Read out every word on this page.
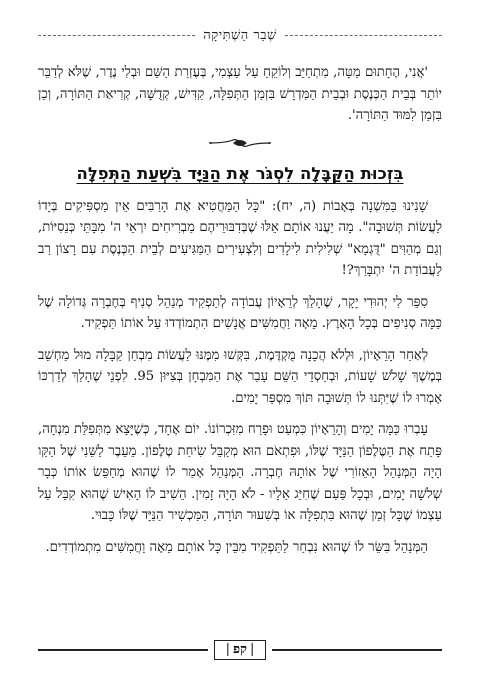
שְׁבַר הַשְׁתִּיקָה

'אֲנִי, הֶחָתוּם מַטָּה, מִתְחַיֵּב וְלוֹקֵחַ עַל עַצְמִי, בְּעֶזְרַת הַשֵּׁם וּבְלִי נֶדֶר, שֶׁלֹּא לְדַבֵּר יוֹתֵר בְּבֵית הַכְּנֶסֶת וּבְבֵית הַמִּדְרָשׁ בִּזְמַן הַתְּפִלָּה, קַדִּישׁ, קְדֻשָּׁה, קְרִיאַת הַתּוֹרָה, וְכֵן בִּזְמַן לִמּוּד הַתּוֹרָה'.

בִּזְכוּת הַקַּבָּלָה לִסְגֹּר אֶת הַנַּיָּד בִּשְׁעַת הַתְּפִלָּה

שָׁנִינוּ בַּמִּשְׁנָה בְּאָבוֹת (ה, יח): "כָּל הַמַּחֲטִיא אֶת הָרַבִּים אֵין מַסְפִּיקִים בְּיָדוֹ לַעֲשׂוֹת תְּשׁוּבָה". מָה יַעֲנוּ אוֹתָם אֵלּוּ שֶׁבְּדִבּוּרֵיהֶם מַבְרִיחִים יִרְאֵי ה' מִבָּתֵּי כְּנֵסִיּוֹת, וְגַם מְהַוִּים "דֻּגְמָא" שְׁלִילִית לִילָדִים וְלִצְעִירִים הַמַּגִּיעִים לְבֵית הַכְּנֶסֶת עִם רָצוֹן רַב לַעֲבוֹדַת ה' יִתְבָּרַךְ?!

סִפֵּר לִי יְהוּדִי יָקָר, שֶׁהָלַךְ לְרֵאָיוֹן עֲבוֹדָה לְתַפְקִיד מְנַהֵל סְנִיף בְּחֶבְרָה גְּדוֹלָה שֶׁל כַּמָּה סְנִיפִים בְּכָל הָאָרֶץ. מֵאָה וַחֲמִשִּׁים אֲנָשִׁים הִתְמוֹדְדוּ עַל אוֹתוֹ תַּפְקִיד.

לְאַחַר הָרֵאָיוֹן, וּלְלֹא הֲכָנָה מֻקְדֶּמֶת, בִּקְּשׁוּ מִמֶּנּוּ לַעֲשׂוֹת מִבְחַן קַבָּלָה מוּל מַחְשֵׁב בְּמֶשֶׁךְ שָׁלֹשׁ שָׁעוֹת, וּבְחַסְדֵי הַשֵּׁם עָבַר אֶת הַמִּבְחָן בְּצִיּוּן 95. לִפְנֵי שֶׁהָלַךְ לְדַרְכּוֹ אָמְרוּ לוֹ שֶׁיִּתְּנוּ לוֹ תְּשׁוּבָה תּוֹךְ מִסְפַּר יָמִים.

עָבְרוּ כַּמָּה יָמִים וְהָרֵאָיוֹן כִּמְעַט וּפָרַח מִזִּכְרוֹנוֹ. יוֹם אֶחָד, כְּשֶׁיָּצָא מִתְּפִלַּת מִנְחָה, פָּתַח אֶת הַטֶּלֶפוֹן הַנַּיָּד שֶׁלּוֹ, וּפִתְאֹם הוּא מְקַבֵּל שִׂיחַת טֶלֶפוֹן. מֵעֵבֶר לַשֵּׁנִי שֶׁל הַקַּו הָיָה הַמְּנַהֵל הָאֵזוֹרִי שֶׁל אוֹתָהּ חֶבְרָה. הַמְּנַהֵל אָמַר לוֹ שֶׁהוּא מְחַפֵּשׂ אוֹתוֹ כְּבָר שְׁלֹשָׁה יָמִים, וּבְכָל פַּעַם שֶׁחִיֵּג אֵלָיו - לֹא הָיָה זָמִין. הֵשִׁיב לוֹ הָאִישׁ שֶׁהוּא קִבֵּל עַל עַצְמוֹ שֶׁכָּל זְמַן שֶׁהוּא בִּתְפִלָּה אוֹ בְּשִׁעוּר תּוֹרָה, הַמַּכְשִׁיר הַנַּיָּד שֶׁלּוֹ כָּבוּי.

הַמְּנַהֵל בִּשֵּׂר לוֹ שֶׁהוּא נִבְחַר לַתַּפְקִיד מִבֵּין כָּל אוֹתָם מֵאָה וַחֲמִשִּׁים מִתְמוֹדְדִים.

|קפ|
